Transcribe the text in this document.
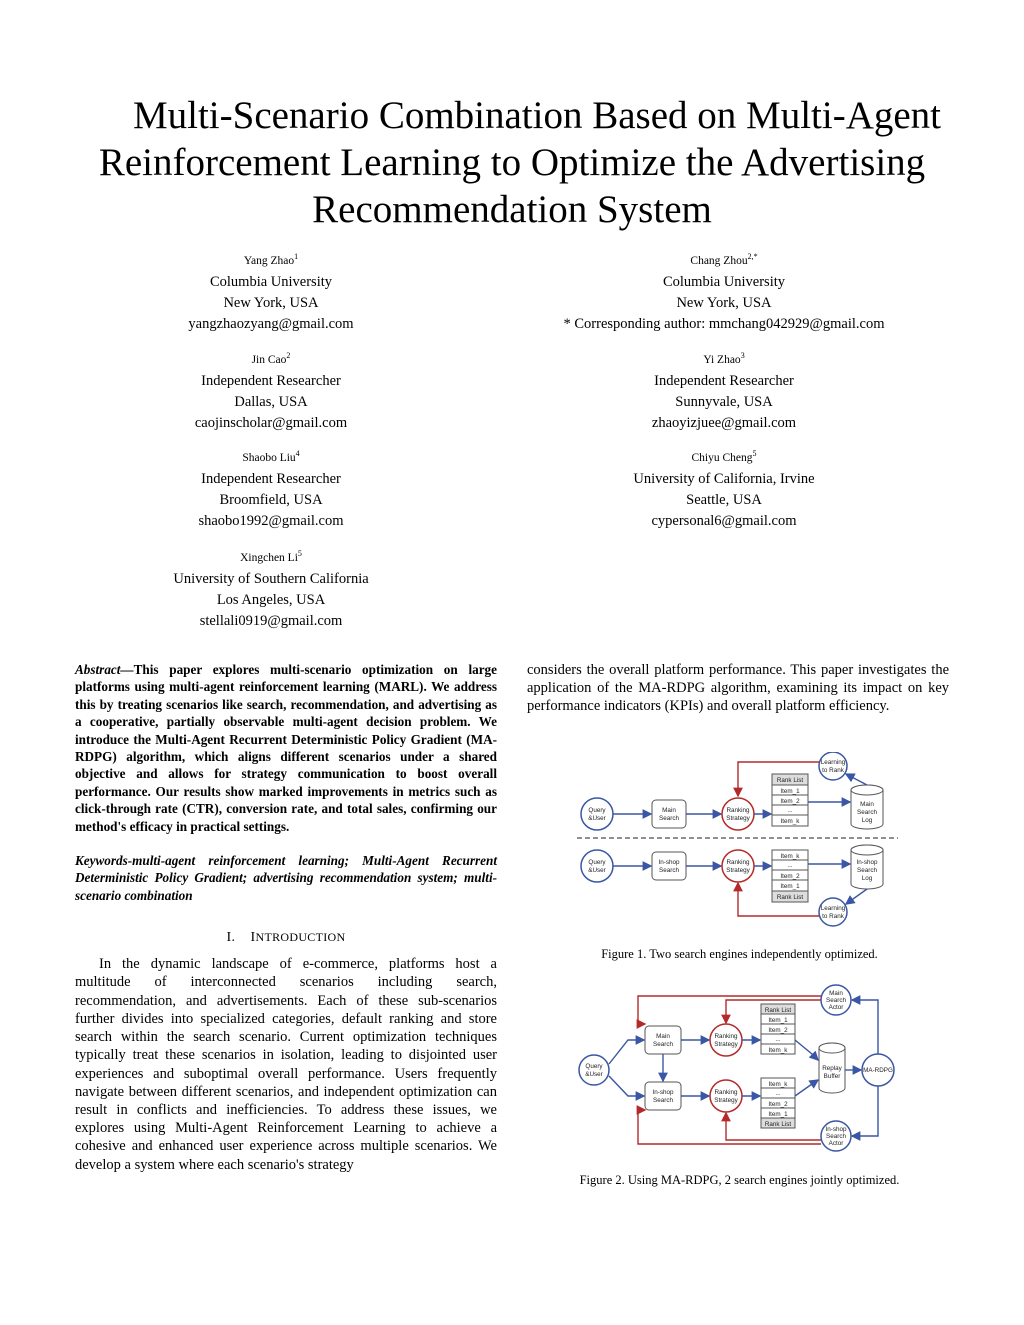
Multi-Scenario Combination Based on Multi-Agent
Reinforcement Learning to Optimize the Advertising
Recommendation System
Yang Zhao$^1$
Columbia University
New York, USA
yangzhaozyang@gmail.com
Chang Zhou$^{2,*}$
Columbia University
New York, USA
* Corresponding author: mmchang042929@gmail.com
Jin Cao$^2$
Independent Researcher
Dallas, USA
caojinscholar@gmail.com
Yi Zhao$^3$
Independent Researcher
Sunnyvale, USA
zhaoyizjuee@gmail.com
Shaobo Liu$^4$
Independent Researcher
Broomfield, USA
shaobo1992@gmail.com
Chiyu Cheng$^5$
University of California, Irvine
Seattle, USA
cypersonal6@gmail.com
Xingchen Li$^5$
University of Southern California
Los Angeles, USA
stellali0919@gmail.com
Abstract—This paper explores multi-scenario optimization on large platforms using multi-agent reinforcement learning (MARL). We address this by treating scenarios like search, recommendation, and advertising as a cooperative, partially observable multi-agent decision problem. We introduce the Multi-Agent Recurrent Deterministic Policy Gradient (MA-RDPG) algorithm, which aligns different scenarios under a shared objective and allows for strategy communication to boost overall performance. Our results show marked improvements in metrics such as click-through rate (CTR), conversion rate, and total sales, confirming our method's efficacy in practical settings.
Keywords-multi-agent reinforcement learning; Multi-Agent Recurrent Deterministic Policy Gradient; advertising recommendation system; multi-scenario combination
I. INTRODUCTION
In the dynamic landscape of e-commerce, platforms host a multitude of interconnected scenarios including search, recommendation, and advertisements. Each of these sub-scenarios further divides into specialized categories, default ranking and store search within the search scenario. Current optimization techniques typically treat these scenarios in isolation, leading to disjointed user experiences and suboptimal overall performance. Users frequently navigate between different scenarios, and independent optimization can result in conflicts and inefficiencies. To address these issues, we explores using Multi-Agent Reinforcement Learning to achieve a cohesive and enhanced user experience across multiple scenarios. We develop a system where each scenario's strategy
considers the overall platform performance. This paper investigates the application of the MA-RDPG algorithm, examining its impact on key performance indicators (KPIs) and overall platform efficiency.
Query
&User
Main
Search
Ranking
Strategy
Rank List
Item_1
Item_2
...
Item_k
Main
Search
Log
Learning
to Rank
Query
&User
In-shop
Search
Ranking
Strategy
Item_k
...
Item_2
Item_1
Rank List
In-shop
Search
Log
Learning
to Rank
Figure 1. Two search engines independently optimized.
Query
&User
Main
Search
In-shop
Search
Ranking
Strategy
Ranking
Strategy
Rank List
Item_1
Item_2
...
Item_k
Item_k
...
Item_2
Item_1
Rank List
Replay
Buffer
MA-RDPG
Main
Search
Actor
In-shop
Search
Actor
Figure 2. Using MA-RDPG, 2 search engines jointly optimized.
